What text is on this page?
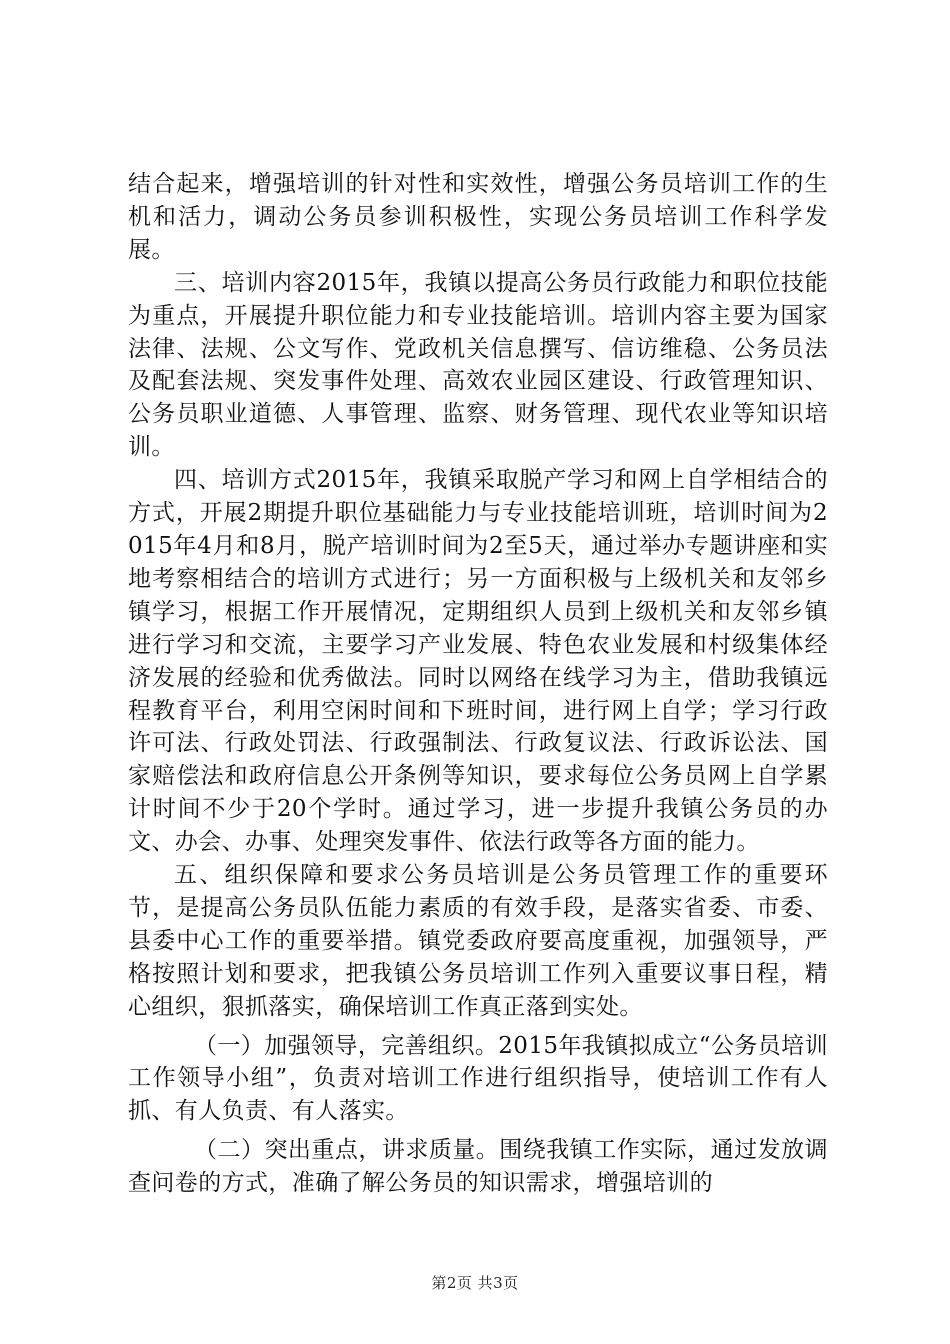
结合起来，增强培训的针对性和实效性，增强公务员培训工作的生机和活力，调动公务员参训积极性，实现公务员培训工作科学发展。

三、培训内容2015年，我镇以提高公务员行政能力和职位技能为重点，开展提升职位能力和专业技能培训。培训内容主要为国家法律、法规、公文写作、党政机关信息撰写、信访维稳、公务员法及配套法规、突发事件处理、高效农业园区建设、行政管理知识、公务员职业道德、人事管理、监察、财务管理、现代农业等知识培训。

四、培训方式2015年，我镇采取脱产学习和网上自学相结合的方式，开展2期提升职位基础能力与专业技能培训班，培训时间为2015年4月和8月，脱产培训时间为2至5天，通过举办专题讲座和实地考察相结合的培训方式进行；另一方面积极与上级机关和友邻乡镇学习，根据工作开展情况，定期组织人员到上级机关和友邻乡镇进行学习和交流，主要学习产业发展、特色农业发展和村级集体经济发展的经验和优秀做法。同时以网络在线学习为主，借助我镇远程教育平台，利用空闲时间和下班时间，进行网上自学；学习行政许可法、行政处罚法、行政强制法、行政复议法、行政诉讼法、国家赔偿法和政府信息公开条例等知识，要求每位公务员网上自学累计时间不少于20个学时。通过学习，进一步提升我镇公务员的办文、办会、办事、处理突发事件、依法行政等各方面的能力。

五、组织保障和要求公务员培训是公务员管理工作的重要环节，是提高公务员队伍能力素质的有效手段，是落实省委、市委、县委中心工作的重要举措。镇党委政府要高度重视，加强领导，严格按照计划和要求，把我镇公务员培训工作列入重要议事日程，精心组织，狠抓落实，确保培训工作真正落到实处。

（一）加强领导，完善组织。2015年我镇拟成立“公务员培训工作领导小组”，负责对培训工作进行组织指导，使培训工作有人抓、有人负责、有人落实。

（二）突出重点，讲求质量。围绕我镇工作实际，通过发放调查问卷的方式，准确了解公务员的知识需求，增强培训的

第2页 共3页
